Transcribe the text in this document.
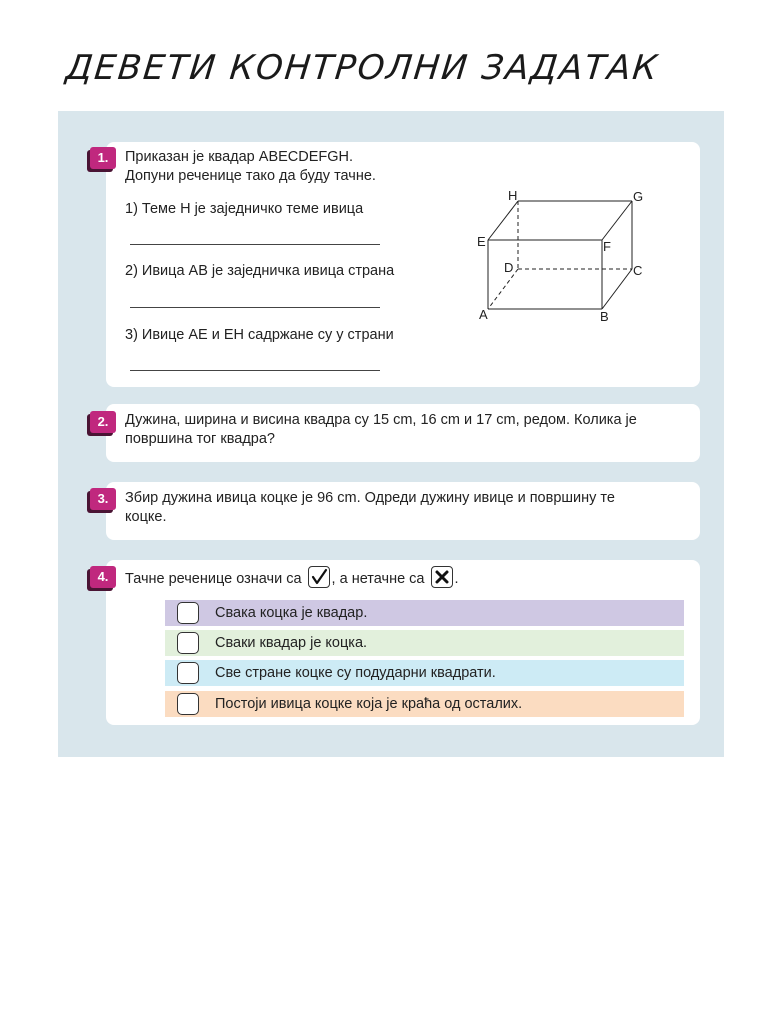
ДЕВЕТИ КОНТРОЛНИ ЗАДАТАК
1.	Приказан је квадар ABECDEFGH.
Допуни реченице тако да буду тачне.
1) Теме H је заједничко теме ивица
2) Ивица AB је заједничка ивица страна
3) Ивице AE и EH садржане су у страни
A	B
C
D
E	F
G
H
2.	Дужина, ширина и висина квадра су 15 cm, 16 cm и 17 cm, редом. Колика је
површина тог квадра?
3.	Збир дужина ивица коцке је 96 cm. Одреди дужину ивице и површину те
коцке.
4.	Тачне реченице означи са , а нетачне са .
Свака коцка је квадар.
Сваки квадар је коцка.
Све стране коцке су подударни квадрати.
Постоји ивица коцке која је краћа од осталих.
